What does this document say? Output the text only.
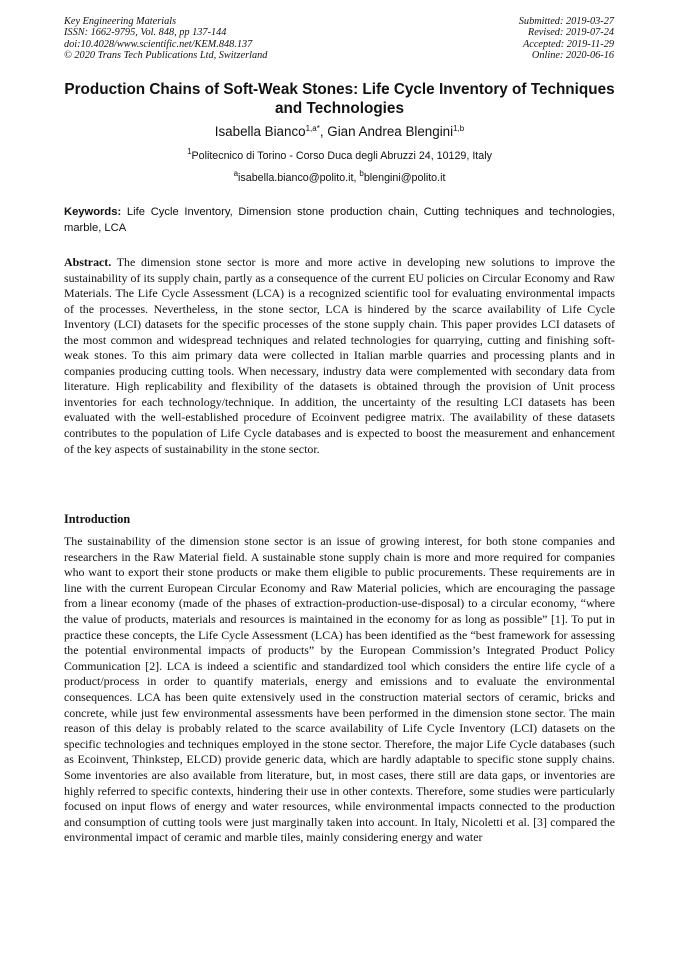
Key Engineering Materials
ISSN: 1662-9795, Vol. 848, pp 137-144
doi:10.4028/www.scientific.net/KEM.848.137
© 2020 Trans Tech Publications Ltd, Switzerland
Submitted: 2019-03-27
Revised: 2019-07-24
Accepted: 2019-11-29
Online: 2020-06-16
Production Chains of Soft-Weak Stones: Life Cycle Inventory of Techniques and Technologies
Isabella Bianco$^{1,a*}$, Gian Andrea Blengini$^{1,b}$
$^1$Politecnico di Torino - Corso Duca degli Abruzzi 24, 10129, Italy
$^a$isabella.bianco@polito.it, $^b$blengini@polito.it
Keywords: Life Cycle Inventory, Dimension stone production chain, Cutting techniques and technologies, marble, LCA
Abstract. The dimension stone sector is more and more active in developing new solutions to improve the sustainability of its supply chain, partly as a consequence of the current EU policies on Circular Economy and Raw Materials. The Life Cycle Assessment (LCA) is a recognized scientific tool for evaluating environmental impacts of the processes. Nevertheless, in the stone sector, LCA is hindered by the scarce availability of Life Cycle Inventory (LCI) datasets for the specific processes of the stone supply chain. This paper provides LCI datasets of the most common and widespread techniques and related technologies for quarrying, cutting and finishing soft-weak stones. To this aim primary data were collected in Italian marble quarries and processing plants and in companies producing cutting tools. When necessary, industry data were complemented with secondary data from literature. High replicability and flexibility of the datasets is obtained through the provision of Unit process inventories for each technology/technique. In addition, the uncertainty of the resulting LCI datasets has been evaluated with the well-established procedure of Ecoinvent pedigree matrix. The availability of these datasets contributes to the population of Life Cycle databases and is expected to boost the measurement and enhancement of the key aspects of sustainability in the stone sector.
Introduction

The sustainability of the dimension stone sector is an issue of growing interest, for both stone companies and researchers in the Raw Material field. A sustainable stone supply chain is more and more required for companies who want to export their stone products or make them eligible to public procurements. These requirements are in line with the current European Circular Economy and Raw Material policies, which are encouraging the passage from a linear economy (made of the phases of extraction-production-use-disposal) to a circular economy, “where the value of products, materials and resources is maintained in the economy for as long as possible” [1]. To put in practice these concepts, the Life Cycle Assessment (LCA) has been identified as the “best framework for assessing the potential environmental impacts of products” by the European Commission’s Integrated Product Policy Communication [2]. LCA is indeed a scientific and standardized tool which considers the entire life cycle of a product/process in order to quantify materials, energy and emissions and to evaluate the environmental consequences. LCA has been quite extensively used in the construction material sectors of ceramic, bricks and concrete, while just few environmental assessments have been performed in the dimension stone sector. The main reason of this delay is probably related to the scarce availability of Life Cycle Inventory (LCI) datasets on the specific technologies and techniques employed in the stone sector. Therefore, the major Life Cycle databases (such as Ecoinvent, Thinkstep, ELCD) provide generic data, which are hardly adaptable to specific stone supply chains. Some inventories are also available from literature, but, in most cases, there still are data gaps, or inventories are highly referred to specific contexts, hindering their use in other contexts. Therefore, some studies were particularly focused on input flows of energy and water resources, while environmental impacts connected to the production and consumption of cutting tools were just marginally taken into account. In Italy, Nicoletti et al. [3] compared the environmental impact of ceramic and marble tiles, mainly considering energy and water
